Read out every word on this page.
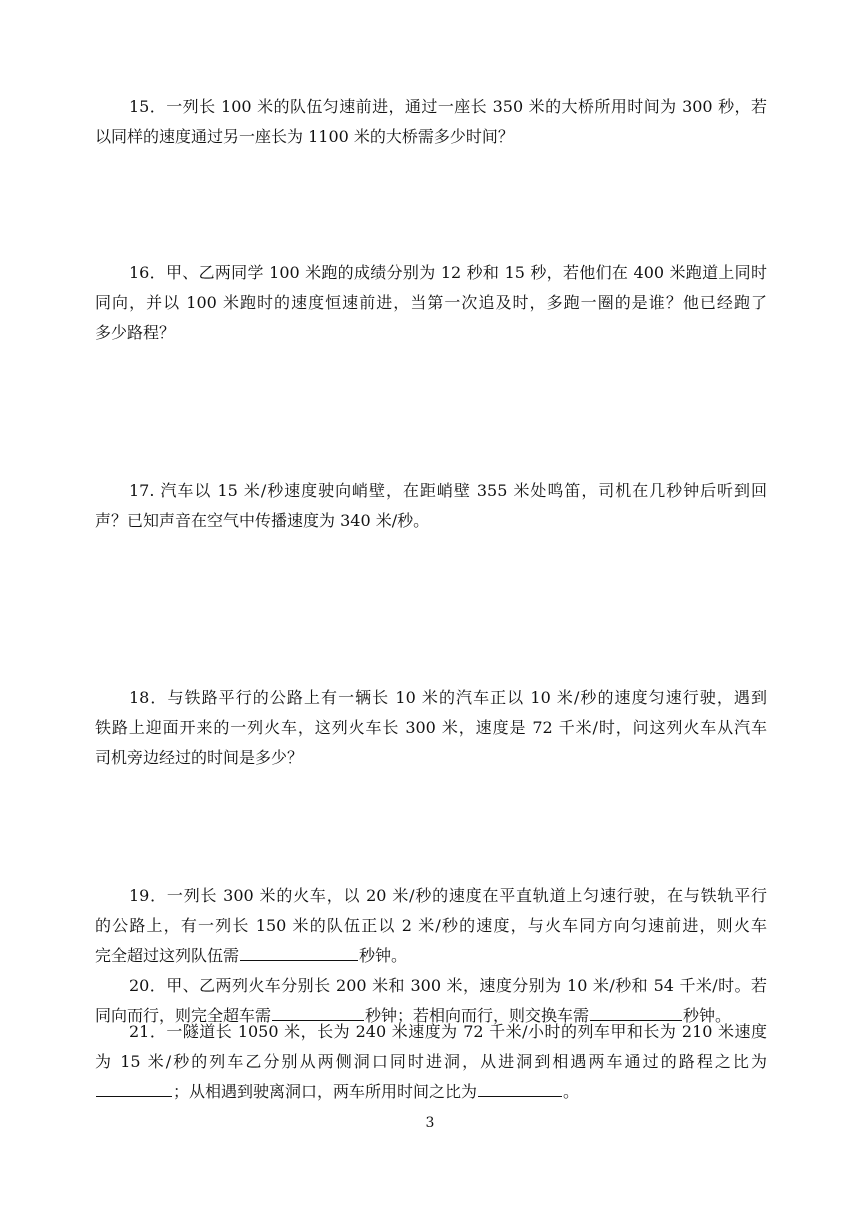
15．一列长 100 米的队伍匀速前进，通过一座长 350 米的大桥所用时间为 300 秒，若
以同样的速度通过另一座长为 1100 米的大桥需多少时间？
16．甲、乙两同学 100 米跑的成绩分别为 12 秒和 15 秒，若他们在 400 米跑道上同时
同向，并以 100 米跑时的速度恒速前进，当第一次追及时，多跑一圈的是谁？他已经跑了
多少路程？
17. 汽车以 15 米/秒速度驶向峭壁，在距峭壁 355 米处鸣笛，司机在几秒钟后听到回
声？已知声音在空气中传播速度为 340 米/秒。
18．与铁路平行的公路上有一辆长 10 米的汽车正以 10 米/秒的速度匀速行驶，遇到
铁路上迎面开来的一列火车，这列火车长 300 米，速度是 72 千米/时，问这列火车从汽车
司机旁边经过的时间是多少？
19．一列长 300 米的火车，以 20 米/秒的速度在平直轨道上匀速行驶，在与铁轨平行
的公路上，有一列长 150 米的队伍正以 2 米/秒的速度，与火车同方向匀速前进，则火车
完全超过这列队伍需	秒钟。
20．甲、乙两列火车分别长 200 米和 300 米，速度分别为 10 米/秒和 54 千米/时。若
同向而行，则完全超车需	秒钟；若相向而行，则交换车需	秒钟。
21．一隧道长 1050 米，长为 240 米速度为 72 千米/小时的列车甲和长为 210 米速度
为 15 米/秒的列车乙分别从两侧洞口同时进洞，从进洞到相遇两车通过的路程之比为
；从相遇到驶离洞口，两车所用时间之比为	。
3
